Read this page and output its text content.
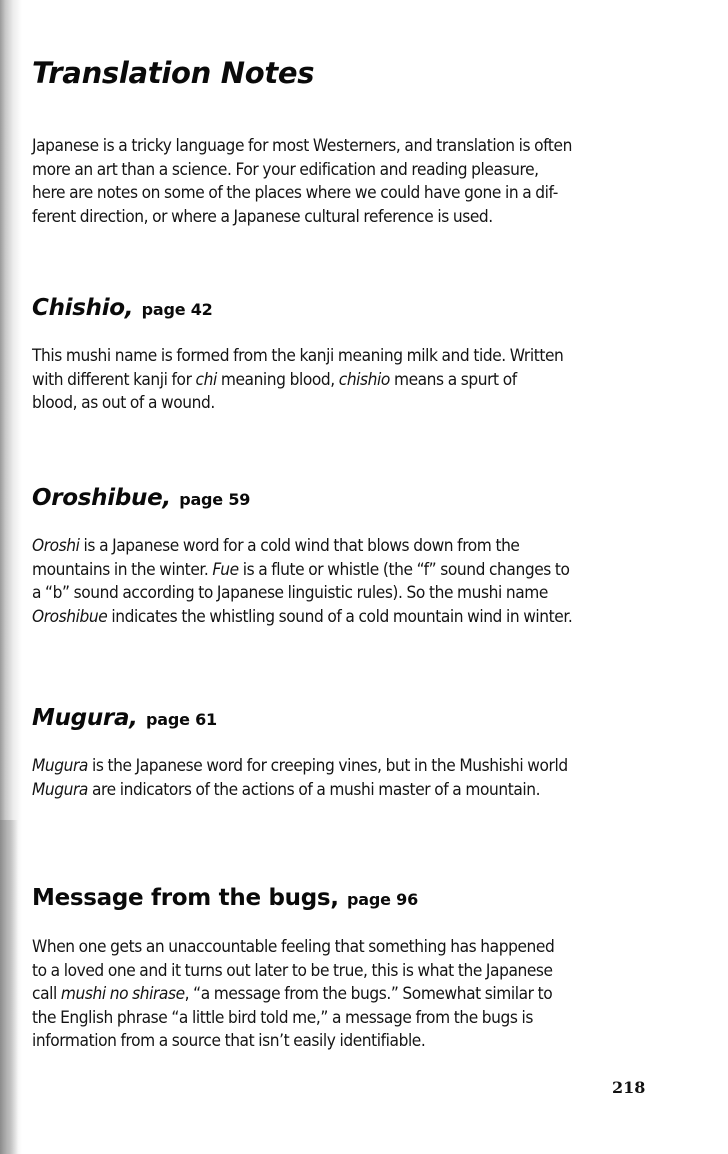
Translation Notes

Japanese is a tricky language for most Westerners, and translation is often
more an art than a science. For your edification and reading pleasure,
here are notes on some of the places where we could have gone in a dif-
ferent direction, or where a Japanese cultural reference is used.

Chishio, page 42

This mushi name is formed from the kanji meaning milk and tide. Written
with different kanji for chi meaning blood, chishio means a spurt of
blood, as out of a wound.

Oroshibue, page 59

Oroshi is a Japanese word for a cold wind that blows down from the
mountains in the winter. Fue is a flute or whistle (the “f” sound changes to
a “b” sound according to Japanese linguistic rules). So the mushi name
Oroshibue indicates the whistling sound of a cold mountain wind in winter.

Mugura, page 61

Mugura is the Japanese word for creeping vines, but in the Mushishi world
Mugura are indicators of the actions of a mushi master of a mountain.

Message from the bugs, page 96

When one gets an unaccountable feeling that something has happened
to a loved one and it turns out later to be true, this is what the Japanese
call mushi no shirase, “a message from the bugs.” Somewhat similar to
the English phrase “a little bird told me,” a message from the bugs is
information from a source that isn’t easily identifiable.

218
